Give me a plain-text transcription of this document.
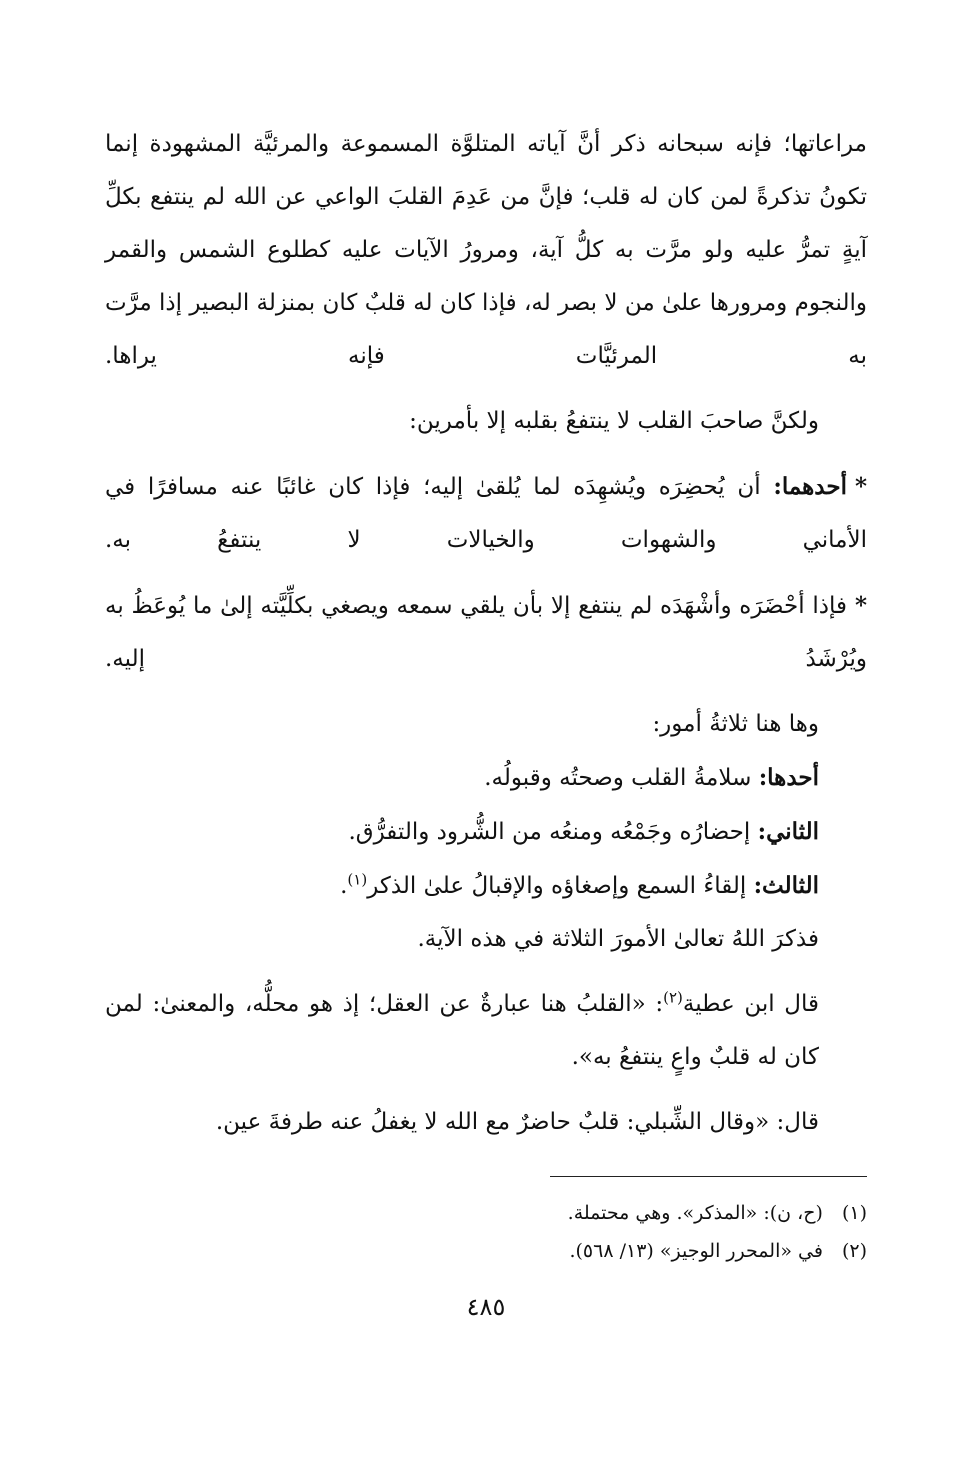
مراعاتها؛ فإنه سبحانه ذكر أنَّ آياته المتلوَّة المسموعة والمرئيَّة المشهودة إنما تكونُ تذكرةً لمن كان له قلب؛ فإنَّ من عَدِمَ القلبَ الواعي عن الله لم ينتفع بكلِّ آيةٍ تمرُّ عليه ولو مرَّت به كلُّ آية، ومرورُ الآيات عليه كطلوع الشمس والقمر والنجوم ومرورها علىٰ من لا بصر له، فإذا كان له قلبٌ كان بمنزلة البصير إذا مرَّت به المرئيَّات فإنه يراها.

ولكنَّ صاحبَ القلب لا ينتفعُ بقلبه إلا بأمرين:

*أحدهما: أن يُحضِرَه ويُشهِدَه لما يُلقىٰ إليه؛ فإذا كان غائبًا عنه مسافرًا في الأماني والشهوات والخيالات لا ينتفعُ به.

*فإذا أحْضَرَه وأشْهَدَه لم ينتفع إلا بأن يلقي سمعه ويصغي بكلِّيَّته إلىٰ ما يُوعَظُ به ويُرْشَدُ إليه.

وها هنا ثلاثةُ أمور:

أحدها: سلامةُ القلب وصحتُه وقبولُه.

الثاني: إحضارُه وجَمْعُه ومنعُه من الشُّرود والتفرُّق.

الثالث: إلقاءُ السمع وإصغاؤه والإقبالُ علىٰ الذكر$^{(١)}$.

فذكرَ اللهُ تعالىٰ الأمورَ الثلاثة في هذه الآية.

قال ابن عطية$^{(٢)}$: «القلبُ هنا عبارةٌ عن العقل؛ إذ هو محلُّه، والمعنىٰ: لمن كان له قلبٌ واعٍ ينتفعُ به».

قال: «وقال الشِّبلي: قلبٌ حاضرٌ مع الله لا يغفلُ عنه طرفةَ عين.

(١) (ح، ن): «المذكر». وهي محتملة.

(٢) في «المحرر الوجيز» (١٣/ ٥٦٨).

٤٨٥
